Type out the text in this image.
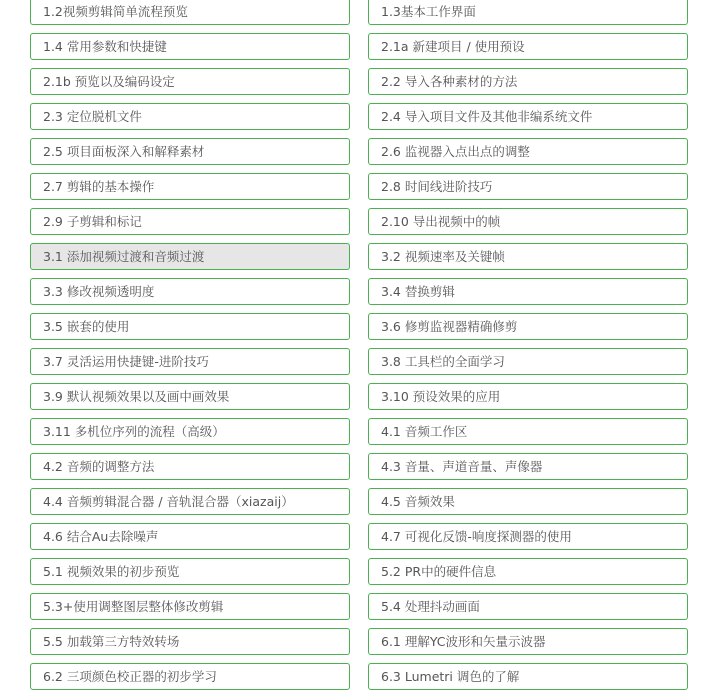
1.2视频剪辑简单流程预览	1.3基本工作界面
1.4 常用参数和快捷键	2.1a 新建项目 / 使用预设
2.1b 预览以及编码设定	2.2 导入各种素材的方法
2.3 定位脱机文件	2.4 导入项目文件及其他非编系统文件
2.5 项目面板深入和解释素材	2.6 监视器入点出点的调整
2.7 剪辑的基本操作	2.8 时间线进阶技巧
2.9 子剪辑和标记	2.10 导出视频中的帧
3.1 添加视频过渡和音频过渡	3.2 视频速率及关键帧
3.3 修改视频透明度	3.4 替换剪辑
3.5 嵌套的使用	3.6 修剪监视器精确修剪
3.7 灵活运用快捷键-进阶技巧	3.8 工具栏的全面学习
3.9 默认视频效果以及画中画效果	3.10 预设效果的应用
3.11 多机位序列的流程（高级）	4.1 音频工作区
4.2 音频的调整方法	4.3 音量、声道音量、声像器
4.4 音频剪辑混合器 / 音轨混合器（xiazaij）	4.5 音频效果
4.6 结合Au去除噪声	4.7 可视化反馈-响度探测器的使用
5.1 视频效果的初步预览	5.2 PR中的硬件信息
5.3+使用调整图层整体修改剪辑	5.4 处理抖动画面
5.5 加载第三方特效转场	6.1 理解YC波形和矢量示波器
6.2 三项颜色校正器的初步学习	6.3 Lumetri 调色的了解
